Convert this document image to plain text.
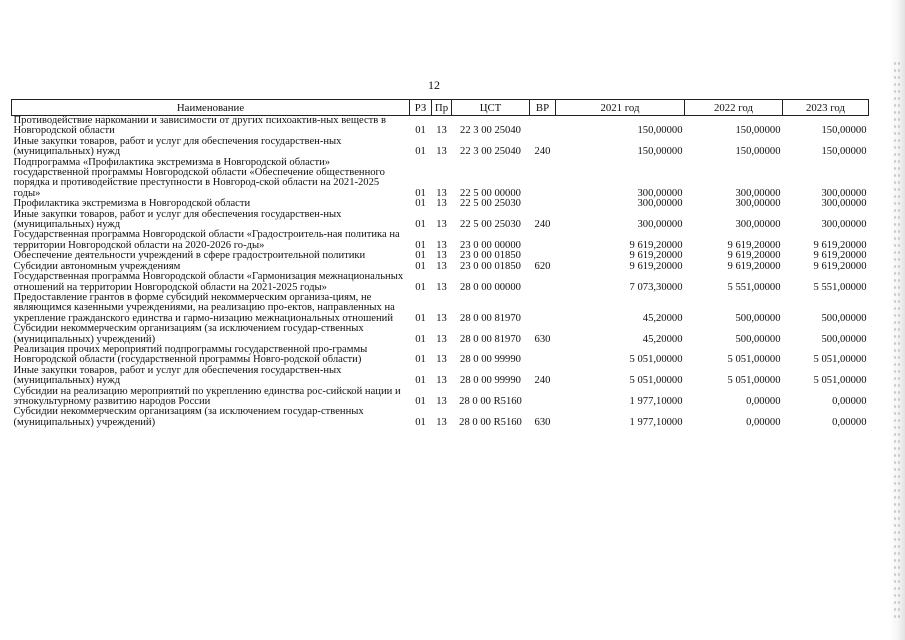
12
Наименование	РЗ	Пр	ЦСТ	ВР	2021 год	2022 год	2023 год
Противодействие наркомании и зависимости от других психоактив-ных веществ в Новгородской области	01	13	22 3 00 25040		150,00000	150,00000	150,00000
Иные закупки товаров, работ и услуг для обеспечения государствен-ных (муниципальных) нужд	01	13	22 3 00 25040	240	150,00000	150,00000	150,00000
Подпрограмма «Профилактика экстремизма в Новгородской области» государственной программы Новгородской области «Обеспечение общественного порядка и противодействие преступности в Новгород-ской области на 2021-2025 годы»	01	13	22 5 00 00000		300,00000	300,00000	300,00000
Профилактика экстремизма в Новгородской области	01	13	22 5 00 25030		300,00000	300,00000	300,00000
Иные закупки товаров, работ и услуг для обеспечения государствен-ных (муниципальных) нужд	01	13	22 5 00 25030	240	300,00000	300,00000	300,00000
Государственная программа Новгородской области «Градостроитель-ная политика на территории Новгородской области на 2020-2026 го-ды»	01	13	23 0 00 00000		9 619,20000	9 619,20000	9 619,20000
Обеспечение деятельности учреждений в сфере градостроительной политики	01	13	23 0 00 01850		9 619,20000	9 619,20000	9 619,20000
Субсидии автономным учреждениям	01	13	23 0 00 01850	620	9 619,20000	9 619,20000	9 619,20000
Государственная программа Новгородской области «Гармонизация межнациональных отношений на территории Новгородской области на 2021-2025 годы»	01	13	28 0 00 00000		7 073,30000	5 551,00000	5 551,00000
Предоставление грантов в форме субсидий некоммерческим организа-циям, не являющимся казенными учреждениями, на реализацию про-ектов, направленных на укрепление гражданского единства и гармо-низацию межнациональных отношений	01	13	28 0 00 81970		45,20000	500,00000	500,00000
Субсидии некоммерческим организациям (за исключением государ-ственных (муниципальных) учреждений)	01	13	28 0 00 81970	630	45,20000	500,00000	500,00000
Реализация прочих мероприятий подпрограммы государственной про-граммы Новгородской области (государственной программы Новго-родской области)	01	13	28 0 00 99990		5 051,00000	5 051,00000	5 051,00000
Иные закупки товаров, работ и услуг для обеспечения государствен-ных (муниципальных) нужд	01	13	28 0 00 99990	240	5 051,00000	5 051,00000	5 051,00000
Субсидии на реализацию мероприятий по укреплению единства рос-сийской нации и этнокультурному развитию народов России	01	13	28 0 00 R5160		1 977,10000	0,00000	0,00000
Субсидии некоммерческим организациям (за исключением государ-ственных (муниципальных) учреждений)	01	13	28 0 00 R5160	630	1 977,10000	0,00000	0,00000
